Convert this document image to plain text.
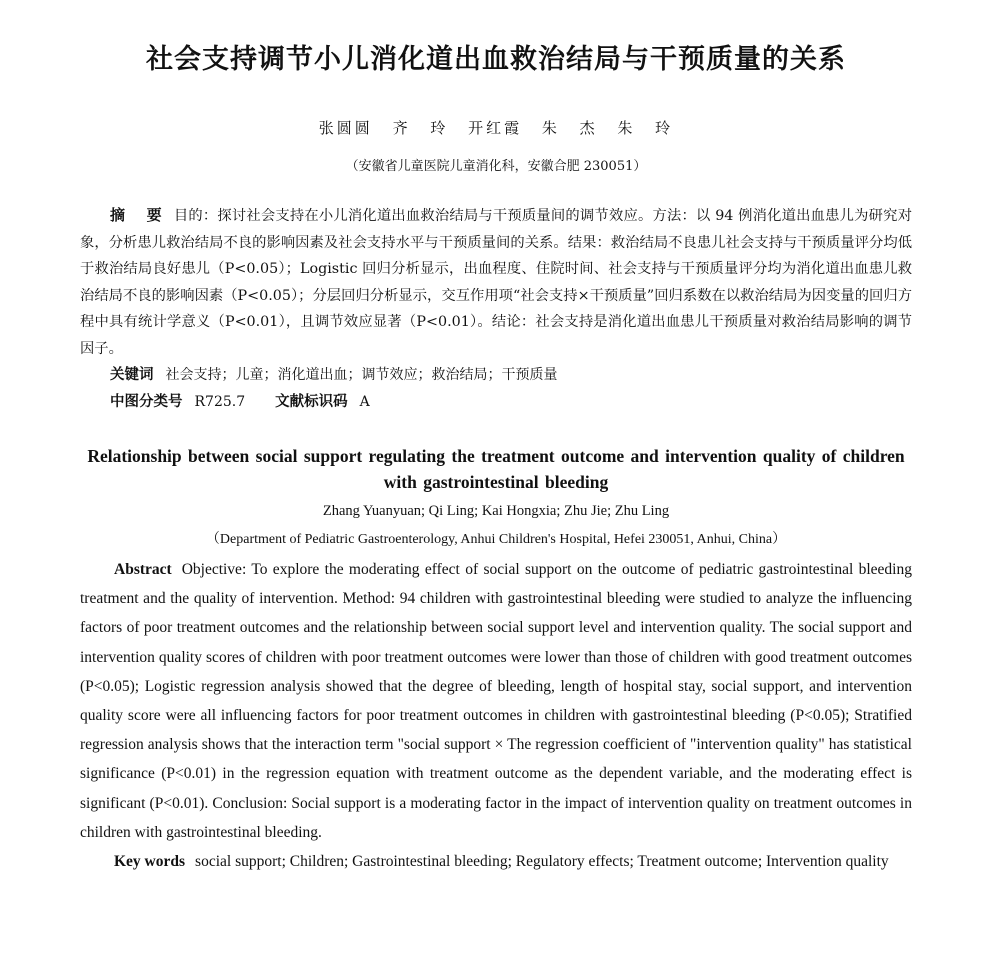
社会支持调节小儿消化道出血救治结局与干预质量的关系
张圆圆 齐 玲 开红霞 朱 杰 朱 玲
（安徽省儿童医院儿童消化科，安徽合肥 230051）
摘 要 目的：探讨社会支持在小儿消化道出血救治结局与干预质量间的调节效应。方法：以 94 例消化道出血患儿为研究对象，分析患儿救治结局不良的影响因素及社会支持水平与干预质量间的关系。结果：救治结局不良患儿社会支持与干预质量评分均低于救治结局良好患儿（P<0.05）；Logistic 回归分析显示，出血程度、住院时间、社会支持与干预质量评分均为消化道出血患儿救治结局不良的影响因素（P<0.05）；分层回归分析显示，交互作用项“社会支持×干预质量”回归系数在以救治结局为因变量的回归方程中具有统计学意义（P<0.01），且调节效应显著（P<0.01）。结论：社会支持是消化道出血患儿干预质量对救治结局影响的调节因子。
关键词 社会支持；儿童；消化道出血；调节效应；救治结局；干预质量
中图分类号 R725.7 文献标识码 A
Relationship between social support regulating the treatment outcome and intervention quality of children with gastrointestinal bleeding
Zhang Yuanyuan; Qi Ling; Kai Hongxia; Zhu Jie; Zhu Ling
（Department of Pediatric Gastroenterology, Anhui Children's Hospital, Hefei 230051, Anhui, China）
Abstract Objective: To explore the moderating effect of social support on the outcome of pediatric gastrointestinal bleeding treatment and the quality of intervention. Method: 94 children with gastrointestinal bleeding were studied to analyze the influencing factors of poor treatment outcomes and the relationship between social support level and intervention quality. The social support and intervention quality scores of children with poor treatment outcomes were lower than those of children with good treatment outcomes (P<0.05); Logistic regression analysis showed that the degree of bleeding, length of hospital stay, social support, and intervention quality score were all influencing factors for poor treatment outcomes in children with gastrointestinal bleeding (P<0.05); Stratified regression analysis shows that the interaction term "social support × The regression coefficient of "intervention quality" has statistical significance (P<0.01) in the regression equation with treatment outcome as the dependent variable, and the moderating effect is significant (P<0.01). Conclusion: Social support is a moderating factor in the impact of intervention quality on treatment outcomes in children with gastrointestinal bleeding.
Key words social support; Children; Gastrointestinal bleeding; Regulatory effects; Treatment outcome; Intervention quality
